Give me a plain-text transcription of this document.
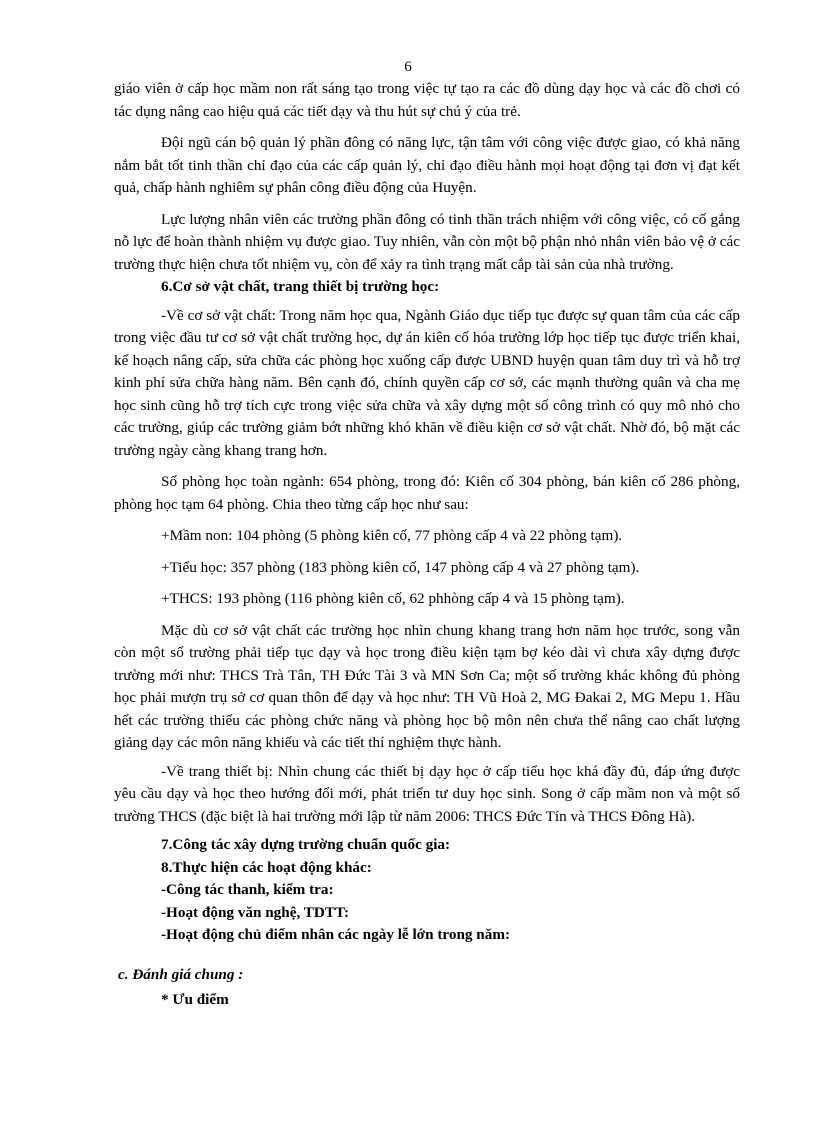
6

giáo viên ở cấp học mầm non rất sáng tạo trong việc tự tạo ra các đồ dùng dạy học và các đồ chơi có tác dụng nâng cao hiệu quả các tiết dạy và thu hút sự chú ý của trẻ.

Đội ngũ cán bộ quản lý phần đông có năng lực, tận tâm với công việc được giao, có khả năng nắm bắt tốt tinh thần chỉ đạo của các cấp quản lý, chỉ đạo điều hành mọi hoạt động tại đơn vị đạt kết quả, chấp hành nghiêm sự phân công điều động của Huyện.

Lực lượng nhân viên các trường phần đông có tinh thần trách nhiệm với công việc, có cố gắng nỗ lực để hoàn thành nhiệm vụ được giao. Tuy nhiên, vẫn còn một bộ phận nhỏ nhân viên bảo vệ ở các trường thực hiện chưa tốt nhiệm vụ, còn để xảy ra tình trạng mất cắp tài sản của nhà trường.

6.Cơ sở vật chất, trang thiết bị trường học:

-Về cơ sở vật chất: Trong năm học qua, Ngành Giáo dục tiếp tục được sự quan tâm của các cấp trong việc đầu tư cơ sở vật chất trường học, dự án kiên cố hóa trường lớp học tiếp tục được triển khai, kế hoạch nâng cấp, sửa chữa các phòng học xuống cấp được UBND huyện quan tâm duy trì và hỗ trợ kinh phí sửa chữa hàng năm. Bên cạnh đó, chính quyền cấp cơ sở, các mạnh thường quân và cha mẹ học sinh cũng hỗ trợ tích cực trong việc sửa chữa và xây dựng một số công trình có quy mô nhỏ cho các trường, giúp các trường giảm bớt những khó khăn về điều kiện cơ sở vật chất. Nhờ đó, bộ mặt các trường ngày càng khang trang hơn.

Số phòng học toàn ngành: 654 phòng, trong đó: Kiên cố 304 phòng, bán kiên cố 286 phòng, phòng học tạm 64 phòng. Chia theo từng cấp học như sau:

+Mầm non: 104 phòng (5 phòng kiên cố, 77 phòng cấp 4 và 22 phòng tạm).

+Tiểu học: 357 phòng (183 phòng kiên cố, 147 phòng cấp 4 và 27 phòng tạm).

+THCS: 193 phòng (116 phòng kiên cố, 62 phhòng cấp 4 và 15 phòng tạm).

Mặc dù cơ sở vật chất các trường học nhìn chung khang trang hơn năm học trước, song vẫn còn một số trường phải tiếp tục dạy và học trong điều kiện tạm bợ kéo dài vì chưa xây dựng được trường mới như: THCS Trà Tân, TH Đức Tài 3 và MN Sơn Ca; một số trường khác không đủ phòng học phải mượn trụ sở cơ quan thôn để dạy và học như: TH Vũ Hoà 2, MG Đakai 2, MG Mepu 1. Hầu hết các trường thiếu các phòng chức năng và phòng học bộ môn nên chưa thể nâng cao chất lượng giảng dạy các môn năng khiếu và các tiết thí nghiệm thực hành.

-Về trang thiết bị: Nhìn chung các thiết bị dạy học ở cấp tiểu học khá đầy đủ, đáp ứng được yêu cầu dạy và học theo hướng đổi mới, phát triển tư duy học sinh. Song ở cấp mầm non và một số trường THCS (đặc biệt là hai trường mới lập từ năm 2006: THCS Đức Tín và THCS Đông Hà).

7.Công tác xây dựng trường chuẩn quốc gia:

8.Thực hiện các hoạt động khác:

-Công tác thanh, kiểm tra:

-Hoạt động văn nghệ, TDTT:

-Hoạt động chủ điểm nhân các ngày lễ lớn trong năm:

c. Đánh giá chung :

* Ưu điểm
